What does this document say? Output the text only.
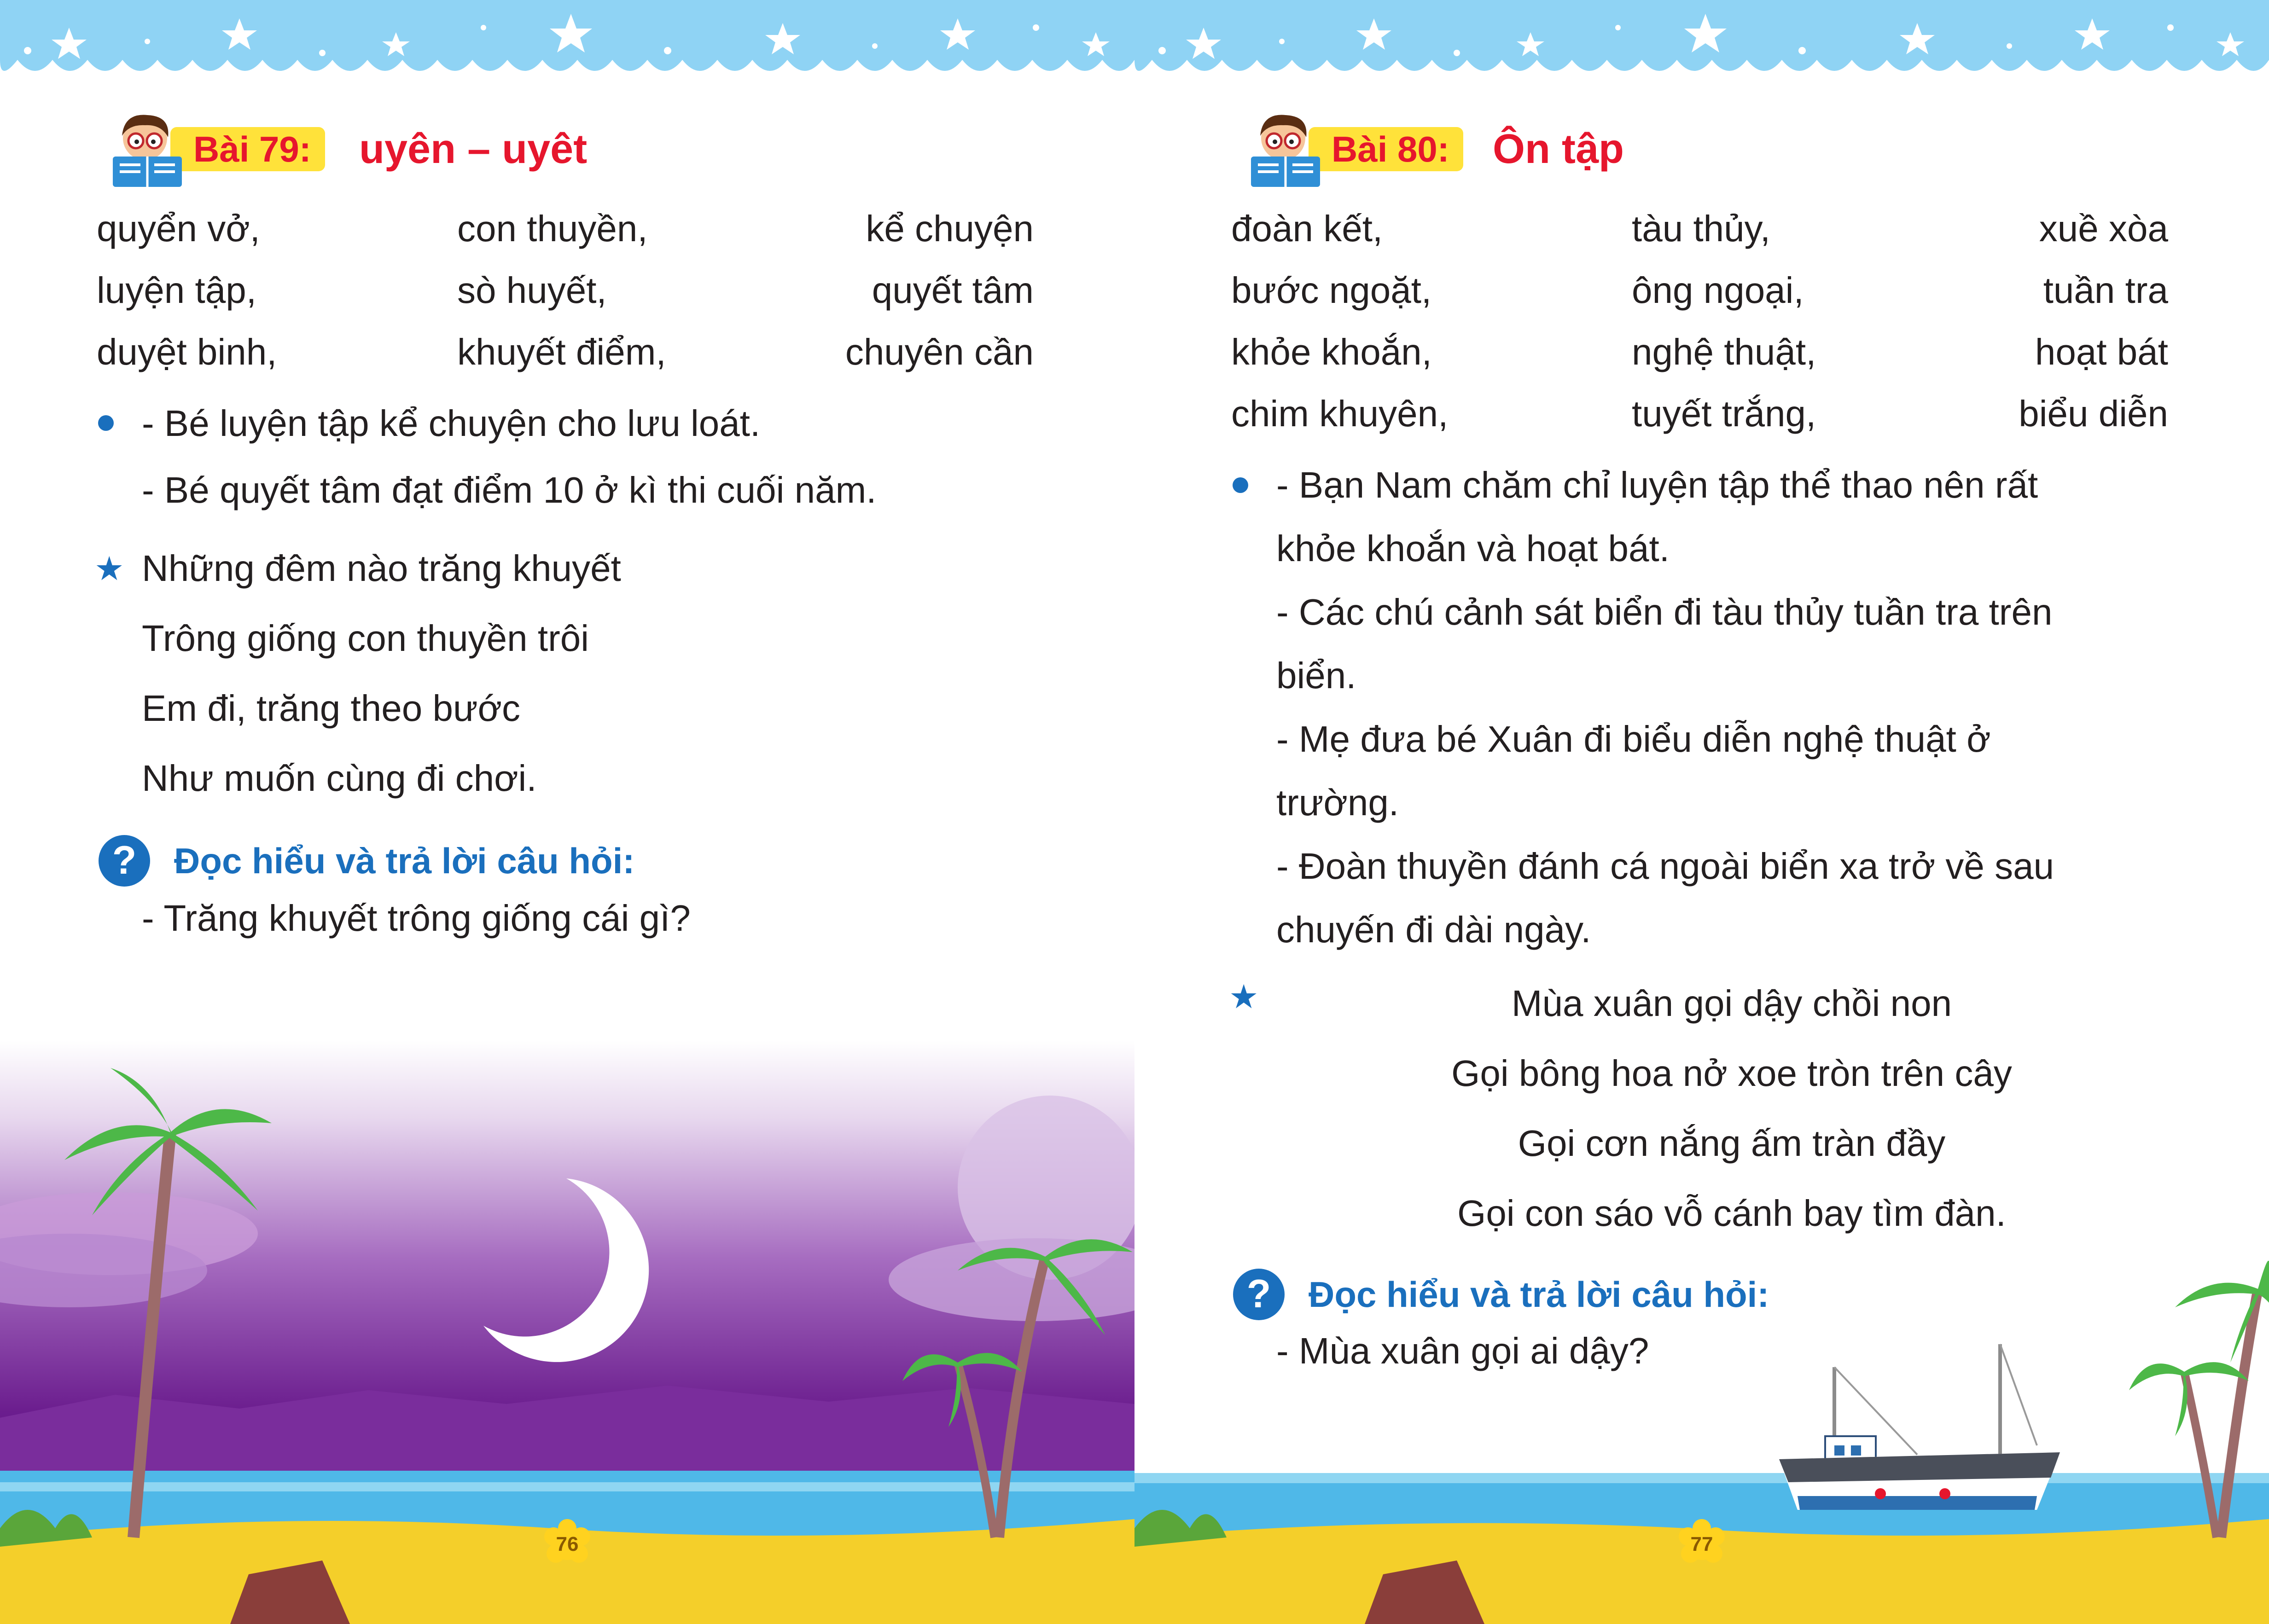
Bài 79:	uyên – uyêt
quyển vở,	con thuyền,	kể chuyện
luyện tập,	sò huyết,	quyết tâm
duyệt binh,	khuyết điểm,	chuyên cần
- Bé luyện tập kể chuyện cho lưu loát.
- Bé quyết tâm đạt điểm 10 ở kì thi cuối năm.
★ Những đêm nào trăng khuyết
Trông giống con thuyền trôi
Em đi, trăng theo bước
Như muốn cùng đi chơi.
? Đọc hiểu và trả lời câu hỏi:
- Trăng khuyết trông giống cái gì?
76
Bài 80:	Ôn tập
đoàn kết,	tàu thủy,	xuề xòa
bước ngoặt,	ông ngoại,	tuần tra
khỏe khoắn,	nghệ thuật,	hoạt bát
chim khuyên,	tuyết trắng,	biểu diễn
- Bạn Nam chăm chỉ luyện tập thể thao nên rất
khỏe khoắn và hoạt bát.
- Các chú cảnh sát biển đi tàu thủy tuần tra trên
biển.
- Mẹ đưa bé Xuân đi biểu diễn nghệ thuật ở
trường.
- Đoàn thuyền đánh cá ngoài biển xa trở về sau
chuyến đi dài ngày.
★	Mùa xuân gọi dậy chồi non
Gọi bông hoa nở xoe tròn trên cây
Gọi cơn nắng ấm tràn đầy
Gọi con sáo vỗ cánh bay tìm đàn.
? Đọc hiểu và trả lời câu hỏi:
- Mùa xuân gọi ai dậy?
77
